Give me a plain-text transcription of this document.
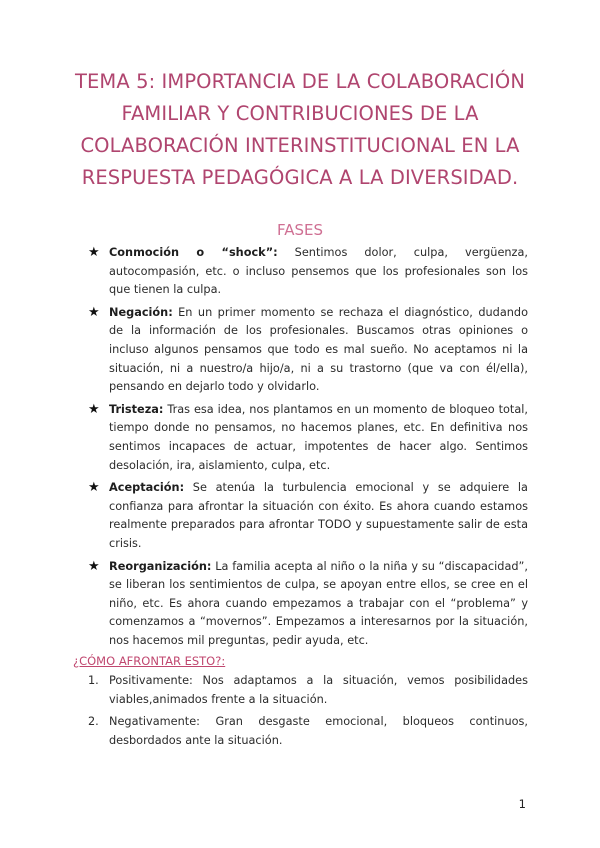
TEMA 5: IMPORTANCIA DE LA COLABORACIÓN FAMILIAR Y CONTRIBUCIONES DE LA COLABORACIÓN INTERINSTITUCIONAL EN LA RESPUESTA PEDAGÓGICA A LA DIVERSIDAD.
FASES
★ Conmoción o “shock”: Sentimos dolor, culpa, vergüenza, autocompasión, etc. o incluso pensemos que los profesionales son los que tienen la culpa.
★ Negación: En un primer momento se rechaza el diagnóstico, dudando de la información de los profesionales. Buscamos otras opiniones o incluso algunos pensamos que todo es mal sueño. No aceptamos ni la situación, ni a nuestro/a hijo/a, ni a su trastorno (que va con él/ella), pensando en dejarlo todo y olvidarlo.
★ Tristeza: Tras esa idea, nos plantamos en un momento de bloqueo total, tiempo donde no pensamos, no hacemos planes, etc. En definitiva nos sentimos incapaces de actuar, impotentes de hacer algo. Sentimos desolación, ira, aislamiento, culpa, etc.
★ Aceptación: Se atenúa la turbulencia emocional y se adquiere la confianza para afrontar la situación con éxito. Es ahora cuando estamos realmente preparados para afrontar TODO y supuestamente salir de esta crisis.
★ Reorganización: La familia acepta al niño o la niña y su “discapacidad”, se liberan los sentimientos de culpa, se apoyan entre ellos, se cree en el niño, etc. Es ahora cuando empezamos a trabajar con el “problema” y comenzamos a “movernos”. Empezamos a interesarnos por la situación, nos hacemos mil preguntas, pedir ayuda, etc.
¿CÓMO AFRONTAR ESTO?:
1. Positivamente: Nos adaptamos a la situación, vemos posibilidades viables,animados frente a la situación.
2. Negativamente: Gran desgaste emocional, bloqueos continuos, desbordados ante la situación.
1
